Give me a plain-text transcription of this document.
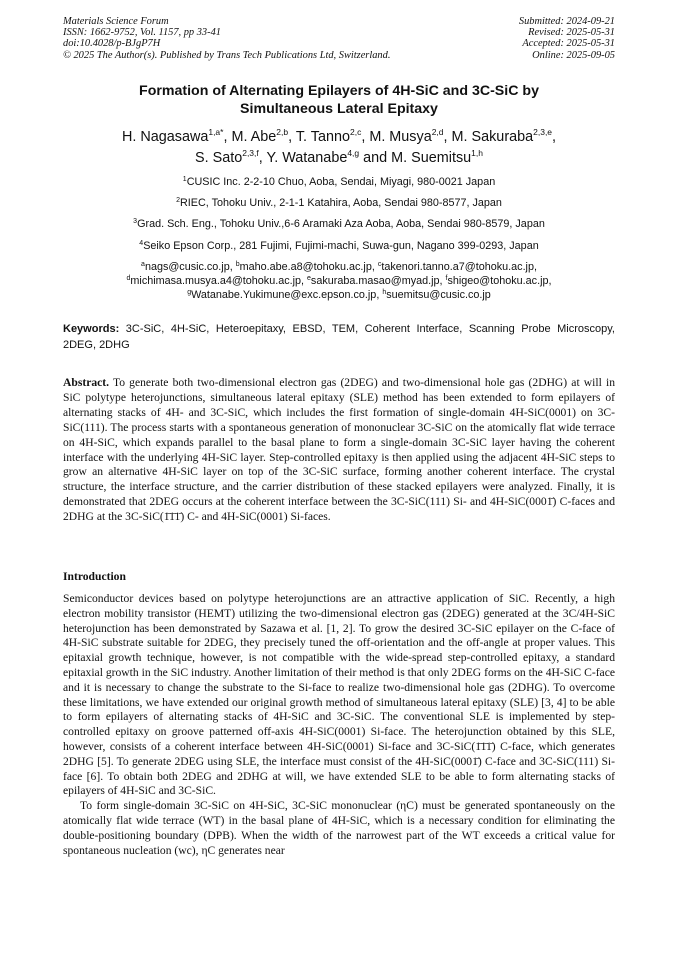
Materials Science Forum
ISSN: 1662-9752, Vol. 1157, pp 33-41
doi:10.4028/p-BJgP7H
© 2025 The Author(s). Published by Trans Tech Publications Ltd, Switzerland.
Submitted: 2024-09-21
Revised: 2025-05-31
Accepted: 2025-05-31
Online: 2025-09-05
Formation of Alternating Epilayers of 4H-SiC and 3C-SiC by
Simultaneous Lateral Epitaxy
H. Nagasawa$^{1,a*}$, M. Abe$^{2,b}$, T. Tanno$^{2,c}$, M. Musya$^{2,d}$, M. Sakuraba$^{2,3,e}$,
S. Sato$^{2,3,f}$, Y. Watanabe$^{4,g}$ and M. Suemitsu$^{1,h}$
$^1$CUSIC Inc. 2-2-10 Chuo, Aoba, Sendai, Miyagi, 980-0021 Japan
$^2$RIEC, Tohoku Univ., 2-1-1 Katahira, Aoba, Sendai 980-8577, Japan
$^3$Grad. Sch. Eng., Tohoku Univ.,6-6 Aramaki Aza Aoba, Aoba, Sendai 980-8579, Japan
$^4$Seiko Epson Corp., 281 Fujimi, Fujimi-machi, Suwa-gun, Nagano 399-0293, Japan
$^a$nags@cusic.co.jp, $^b$maho.abe.a8@tohoku.ac.jp, $^c$takenori.tanno.a7@tohoku.ac.jp,
$^d$michimasa.musya.a4@tohoku.ac.jp, $^e$sakuraba.masao@myad.jp, $^f$shigeo@tohoku.ac.jp,
$^g$Watanabe.Yukimune@exc.epson.co.jp, $^h$suemitsu@cusic.co.jp
Keywords: 3C-SiC, 4H-SiC, Heteroepitaxy, EBSD, TEM, Coherent Interface, Scanning Probe Microscopy, 2DEG, 2DHG
Abstract. To generate both two-dimensional electron gas (2DEG) and two-dimensional hole gas (2DHG) at will in SiC polytype heterojunctions, simultaneous lateral epitaxy (SLE) method has been extended to form epilayers of alternating stacks of 4H- and 3C-SiC, which includes the first formation of single-domain 4H-SiC(0001) on 3C-SiC(111). The process starts with a spontaneous generation of mononuclear 3C-SiC on the atomically flat wide terrace on 4H-SiC, which expands parallel to the basal plane to form a single-domain 3C-SiC layer having the coherent interface with the underlying 4H-SiC layer. Step-controlled epitaxy is then applied using the adjacent 4H-SiC steps to grow an alternative 4H-SiC layer on top of the 3C-SiC surface, forming another coherent interface. The crystal structure, the interface structure, and the carrier distribution of these stacked epilayers were analyzed. Finally, it is demonstrated that 2DEG occurs at the coherent interface between the 3C-SiC(111) Si- and 4H-SiC(0001̄) C-faces and 2DHG at the 3C-SiC(1̄1̄1̄) C- and 4H-SiC(0001) Si-faces.
Introduction

Semiconductor devices based on polytype heterojunctions are an attractive application of SiC. Recently, a high electron mobility transistor (HEMT) utilizing the two-dimensional electron gas (2DEG) generated at the 3C/4H-SiC heterojunction has been demonstrated by Sazawa et al. [1, 2]. To grow the desired 3C-SiC epilayer on the C-face of 4H-SiC substrate suitable for 2DEG, they precisely tuned the off-orientation and the off-angle at proper values. This epitaxial growth technique, however, is not compatible with the wide-spread step-controlled epitaxy, a standard epitaxial growth in the SiC industry. Another limitation of their method is that only 2DEG forms on the 4H-SiC C-face and it is necessary to change the substrate to the Si-face to realize two-dimensional hole gas (2DHG). To overcome these limitations, we have extended our original growth method of simultaneous lateral epitaxy (SLE) [3, 4] to be able to form epilayers of alternating stacks of 4H-SiC and 3C-SiC. The conventional SLE is implemented by step-controlled epitaxy on groove patterned off-axis 4H-SiC(0001) Si-face. The heterojunction obtained by this SLE, however, consists of a coherent interface between 4H-SiC(0001) Si-face and 3C-SiC(1̄1̄1̄) C-face, which generates 2DHG [5]. To generate 2DEG using SLE, the interface must consist of the 4H-SiC(0001̄) C-face and 3C-SiC(111) Si-face [6]. To obtain both 2DEG and 2DHG at will, we have extended SLE to be able to form alternating stacks of epilayers of 4H-SiC and 3C-SiC.

To form single-domain 3C-SiC on 4H-SiC, 3C-SiC mononuclear (ηC) must be generated spontaneously on the atomically flat wide terrace (WT) in the basal plane of 4H-SiC, which is a necessary condition for eliminating the double-positioning boundary (DPB). When the width of the narrowest part of the WT exceeds a critical value for spontaneous nucleation (wc), ηC generates near
